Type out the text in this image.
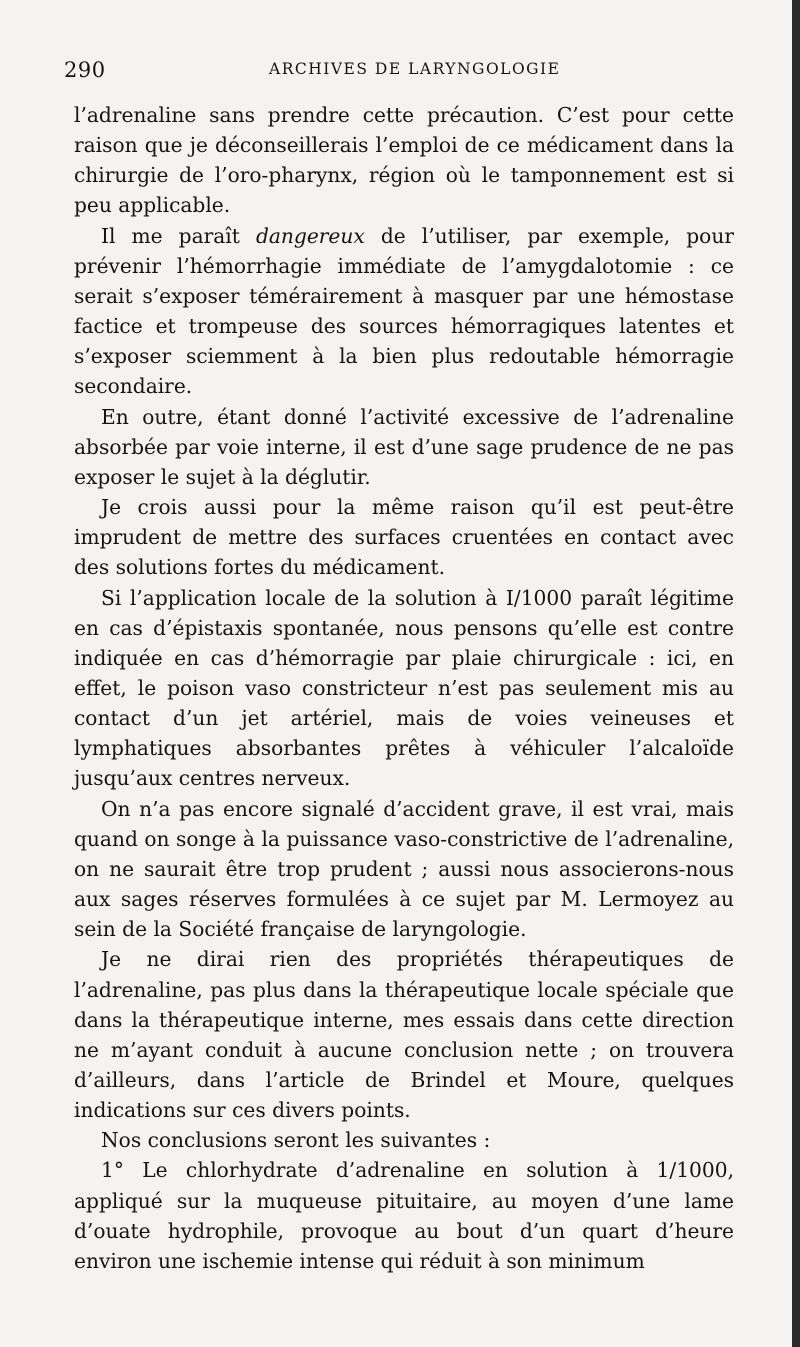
290	ARCHIVES DE LARYNGOLOGIE

l’adrenaline sans prendre cette précaution. C’est pour cette raison que je déconseillerais l’emploi de ce médicament dans la chirurgie de l’oro-pharynx, région où le tamponnement est si peu applicable.

Il me paraît dangereux de l’utiliser, par exemple, pour prévenir l’hémorrhagie immédiate de l’amygdalotomie : ce serait s’exposer témérairement à masquer par une hémostase factice et trompeuse des sources hémorragiques latentes et s’exposer sciemment à la bien plus redoutable hémorragie secondaire.

En outre, étant donné l’activité excessive de l’adrenaline absorbée par voie interne, il est d’une sage prudence de ne pas exposer le sujet à la déglutir.

Je crois aussi pour la même raison qu’il est peut-être imprudent de mettre des surfaces cruentées en contact avec des solutions fortes du médicament.

Si l’application locale de la solution à I/1000 paraît légitime en cas d’épistaxis spontanée, nous pensons qu’elle est contre indiquée en cas d’hémorragie par plaie chirurgicale : ici, en effet, le poison vaso constricteur n’est pas seulement mis au contact d’un jet artériel, mais de voies veineuses et lymphatiques absorbantes prêtes à véhiculer l’alcaloïde jusqu’aux centres nerveux.

On n’a pas encore signalé d’accident grave, il est vrai, mais quand on songe à la puissance vaso-constrictive de l’adrenaline, on ne saurait être trop prudent ; aussi nous associerons-nous aux sages réserves formulées à ce sujet par M. Lermoyez au sein de la Société française de laryngologie.

Je ne dirai rien des propriétés thérapeutiques de l’adrenaline, pas plus dans la thérapeutique locale spéciale que dans la thérapeutique interne, mes essais dans cette direction ne m’ayant conduit à aucune conclusion nette ; on trouvera d’ailleurs, dans l’article de Brindel et Moure, quelques indications sur ces divers points.

Nos conclusions seront les suivantes :

1° Le chlorhydrate d’adrenaline en solution à 1/1000, appliqué sur la muqueuse pituitaire, au moyen d’une lame d’ouate hydrophile, provoque au bout d’un quart d’heure environ une ischemie intense qui réduit à son minimum
